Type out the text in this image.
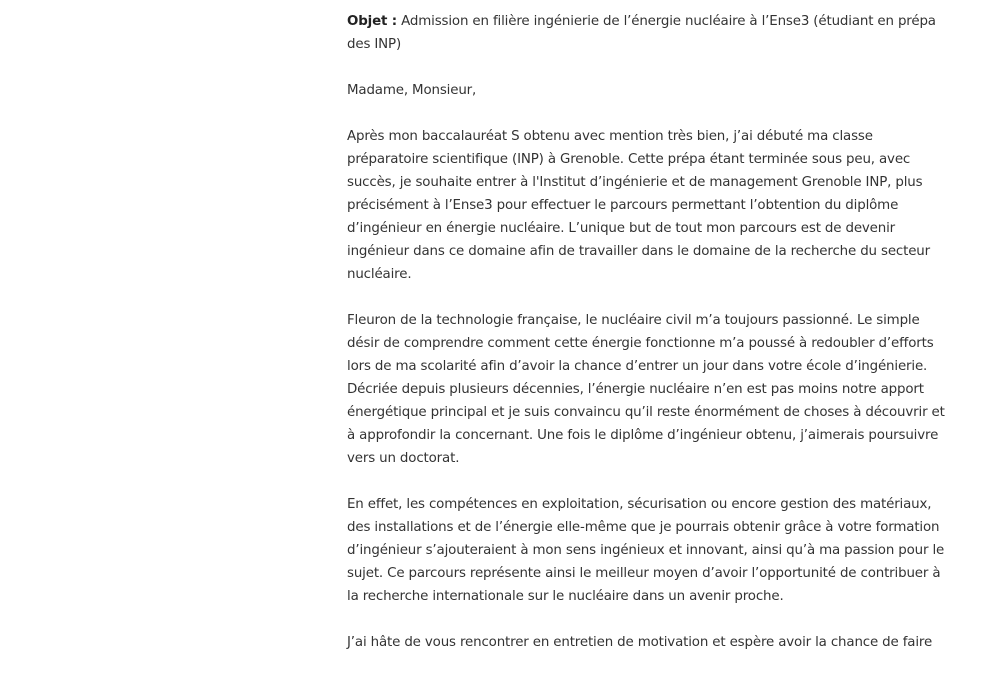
Objet : Admission en filière ingénierie de l’énergie nucléaire à l’Ense3 (étudiant en prépa des INP)

Madame, Monsieur,

Après mon baccalauréat S obtenu avec mention très bien, j’ai débuté ma classe préparatoire scientifique (INP) à Grenoble. Cette prépa étant terminée sous peu, avec succès, je souhaite entrer à l'Institut d’ingénierie et de management Grenoble INP, plus précisément à l’Ense3 pour effectuer le parcours permettant l’obtention du diplôme d’ingénieur en énergie nucléaire. L’unique but de tout mon parcours est de devenir ingénieur dans ce domaine afin de travailler dans le domaine de la recherche du secteur nucléaire.

Fleuron de la technologie française, le nucléaire civil m’a toujours passionné. Le simple désir de comprendre comment cette énergie fonctionne m’a poussé à redoubler d’efforts lors de ma scolarité afin d’avoir la chance d’entrer un jour dans votre école d’ingénierie. Décriée depuis plusieurs décennies, l’énergie nucléaire n’en est pas moins notre apport énergétique principal et je suis convaincu qu’il reste énormément de choses à découvrir et à approfondir la concernant. Une fois le diplôme d’ingénieur obtenu, j’aimerais poursuivre vers un doctorat.

En effet, les compétences en exploitation, sécurisation ou encore gestion des matériaux, des installations et de l’énergie elle-même que je pourrais obtenir grâce à votre formation d’ingénieur s’ajouteraient à mon sens ingénieux et innovant, ainsi qu’à ma passion pour le sujet. Ce parcours représente ainsi le meilleur moyen d’avoir l’opportunité de contribuer à la recherche internationale sur le nucléaire dans un avenir proche.

J’ai hâte de vous rencontrer en entretien de motivation et espère avoir la chance de faire
